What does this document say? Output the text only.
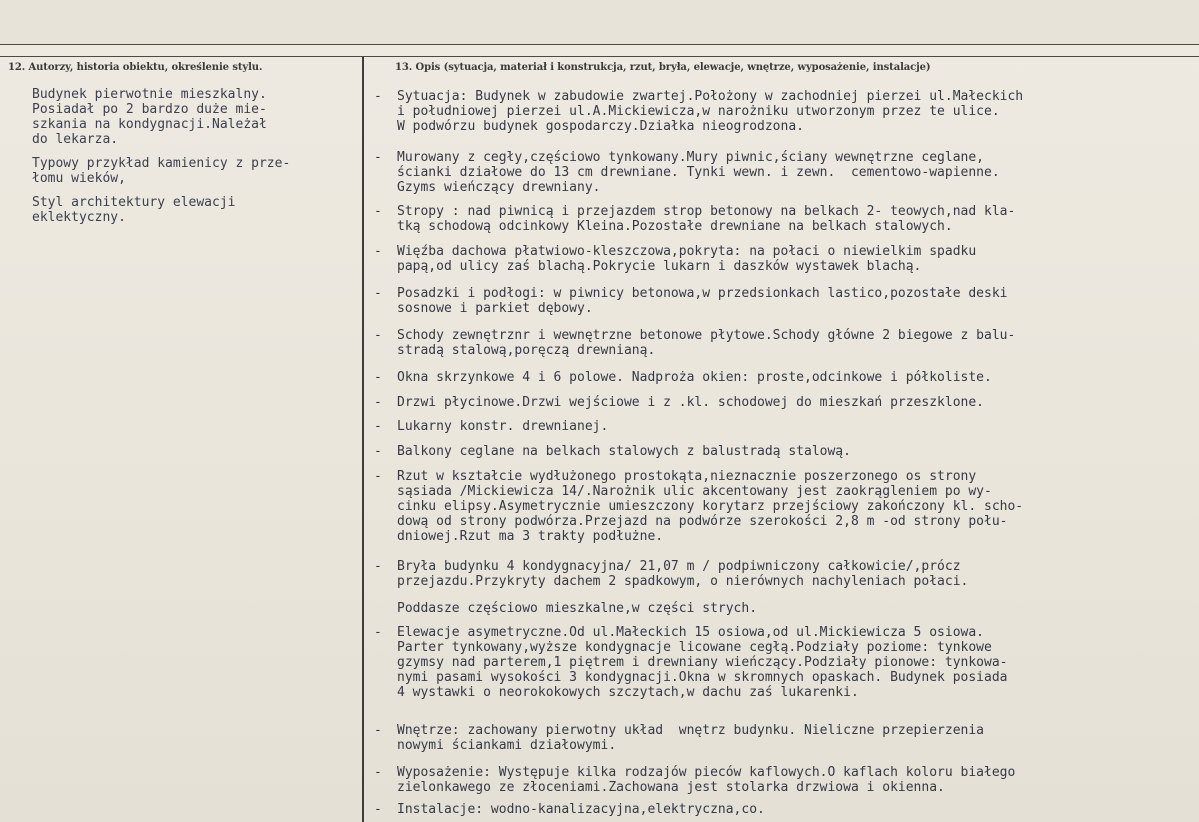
12. Autorzy, historia obiektu, określenie stylu.	13. Opis (sytuacja, materiał i konstrukcja, rzut, bryła, elewacje, wnętrze, wyposażenie, instalacje)
Budynek pierwotnie mieszkalny.
Posiadał po 2 bardzo duże mie-
szkania na kondygnacji.Należał
do lekarza.
Typowy przykład kamienicy z prze-
łomu wieków,
Styl architektury elewacji
eklektyczny.
- Sytuacja: Budynek w zabudowie zwartej.Położony w zachodniej pierzei ul.Małeckich
i południowej pierzei ul.A.Mickiewicza,w narożniku utworzonym przez te ulice.
W podwórzu budynek gospodarczy.Działka nieogrodzona.
- Murowany z cegły,częściowo tynkowany.Mury piwnic,ściany wewnętrzne ceglane,
ścianki działowe do 13 cm drewniane. Tynki wewn. i zewn.  cementowo-wapienne.
Gzyms wieńczący drewniany.
- Stropy : nad piwnicą i przejazdem strop betonowy na belkach 2- teowych,nad kla-
tką schodową odcinkowy Kleina.Pozostałe drewniane na belkach stalowych.
- Więźba dachowa płatwiowo-kleszczowa,pokryta: na połaci o niewielkim spadku
papą,od ulicy zaś blachą.Pokrycie lukarn i daszków wystawek blachą.
- Posadzki i podłogi: w piwnicy betonowa,w przedsionkach lastico,pozostałe deski
sosnowe i parkiet dębowy.
- Schody zewnętrznr i wewnętrzne betonowe płytowe.Schody główne 2 biegowe z balu-
stradą stalową,poręczą drewnianą.
- Okna skrzynkowe 4 i 6 polowe. Nadproża okien: proste,odcinkowe i półkoliste.
- Drzwi płycinowe.Drzwi wejściowe i z .kl. schodowej do mieszkań przeszklone.
- Lukarny konstr. drewnianej.
- Balkony ceglane na belkach stalowych z balustradą stalową.
- Rzut w kształcie wydłużonego prostokąta,nieznacznie poszerzonego os strony
sąsiada /Mickiewicza 14/.Narożnik ulic akcentowany jest zaokrągleniem po wy-
cinku elipsy.Asymetrycznie umieszczony korytarz przejściowy zakończony kl. scho-
dową od strony podwórza.Przejazd na podwórze szerokości 2,8 m -od strony połu-
dniowej.Rzut ma 3 trakty podłużne.
- Bryła budynku 4 kondygnacyjna/ 21,07 m / podpiwniczony całkowicie/,prócz
przejazdu.Przykryty dachem 2 spadkowym, o nierównych nachyleniach połaci.
Poddasze częściowo mieszkalne,w części strych.
- Elewacje asymetryczne.Od ul.Małeckich 15 osiowa,od ul.Mickiewicza 5 osiowa.
Parter tynkowany,wyższe kondygnacje licowane cegłą.Podziały poziome: tynkowe
gzymsy nad parterem,1 piętrem i drewniany wieńczący.Podziały pionowe: tynkowa-
nymi pasami wysokości 3 kondygnacji.Okna w skromnych opaskach. Budynek posiada
4 wystawki o neorokokowych szczytach,w dachu zaś lukarenki.
- Wnętrze: zachowany pierwotny układ  wnętrz budynku. Nieliczne przepierzenia
nowymi ściankami działowymi.
- Wyposażenie: Występuje kilka rodzajów pieców kaflowych.O kaflach koloru białego
zielonkawego ze złoceniami.Zachowana jest stolarka drzwiowa i okienna.
- Instalacje: wodno-kanalizacyjna,elektryczna,co.
